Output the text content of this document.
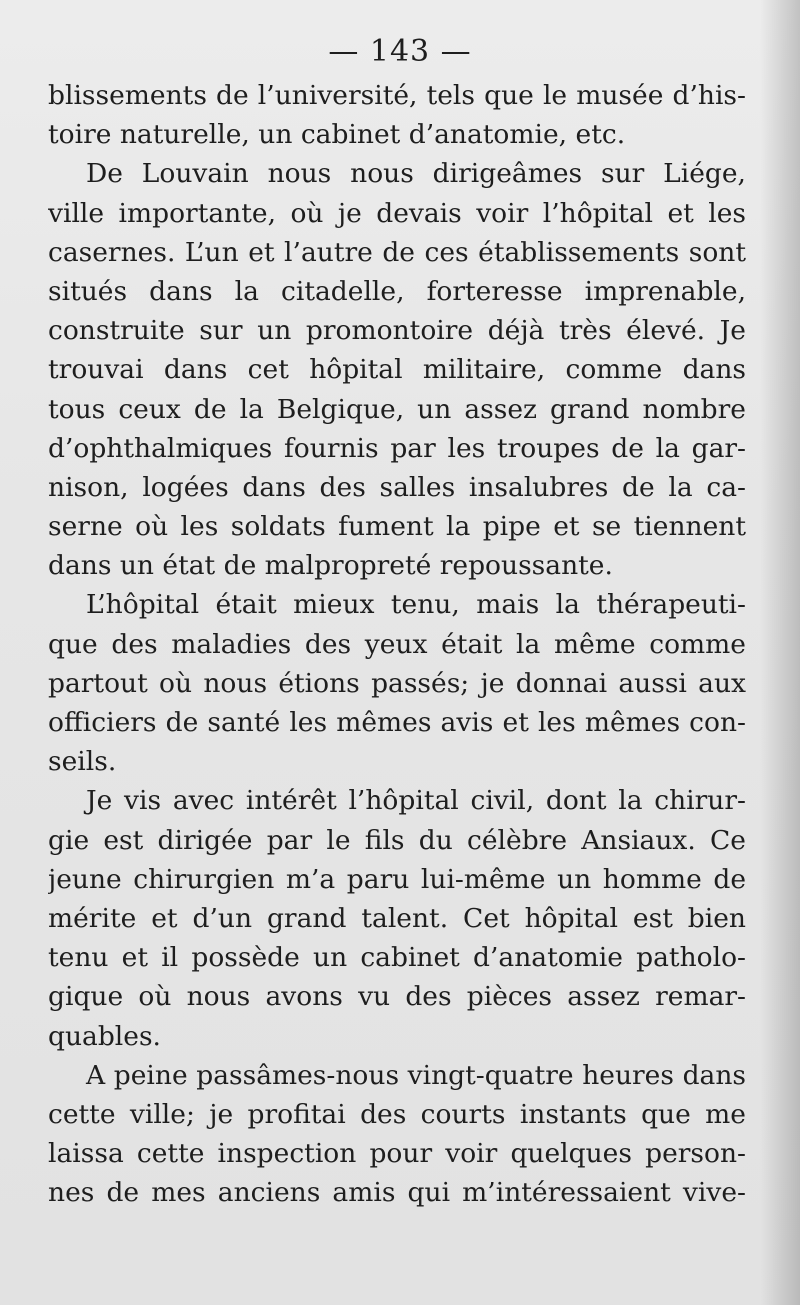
— 143 —
blissements de l’université, tels que le musée d’his-
toire naturelle, un cabinet d’anatomie, etc.
De Louvain nous nous dirigeâmes sur Liége,
ville importante, où je devais voir l’hôpital et les
casernes. L’un et l’autre de ces établissements sont
situés dans la citadelle, forteresse imprenable,
construite sur un promontoire déjà très élevé. Je
trouvai dans cet hôpital militaire, comme dans
tous ceux de la Belgique, un assez grand nombre
d’ophthalmiques fournis par les troupes de la gar-
nison, logées dans des salles insalubres de la ca-
serne où les soldats fument la pipe et se tiennent
dans un état de malpropreté repoussante.
L’hôpital était mieux tenu, mais la thérapeuti-
que des maladies des yeux était la même comme
partout où nous étions passés; je donnai aussi aux
officiers de santé les mêmes avis et les mêmes con-
seils.
Je vis avec intérêt l’hôpital civil, dont la chirur-
gie est dirigée par le fils du célèbre Ansiaux. Ce
jeune chirurgien m’a paru lui-même un homme de
mérite et d’un grand talent. Cet hôpital est bien
tenu et il possède un cabinet d’anatomie patholo-
gique où nous avons vu des pièces assez remar-
quables.
A peine passâmes-nous vingt-quatre heures dans
cette ville; je profitai des courts instants que me
laissa cette inspection pour voir quelques person-
nes de mes anciens amis qui m’intéressaient vive-
